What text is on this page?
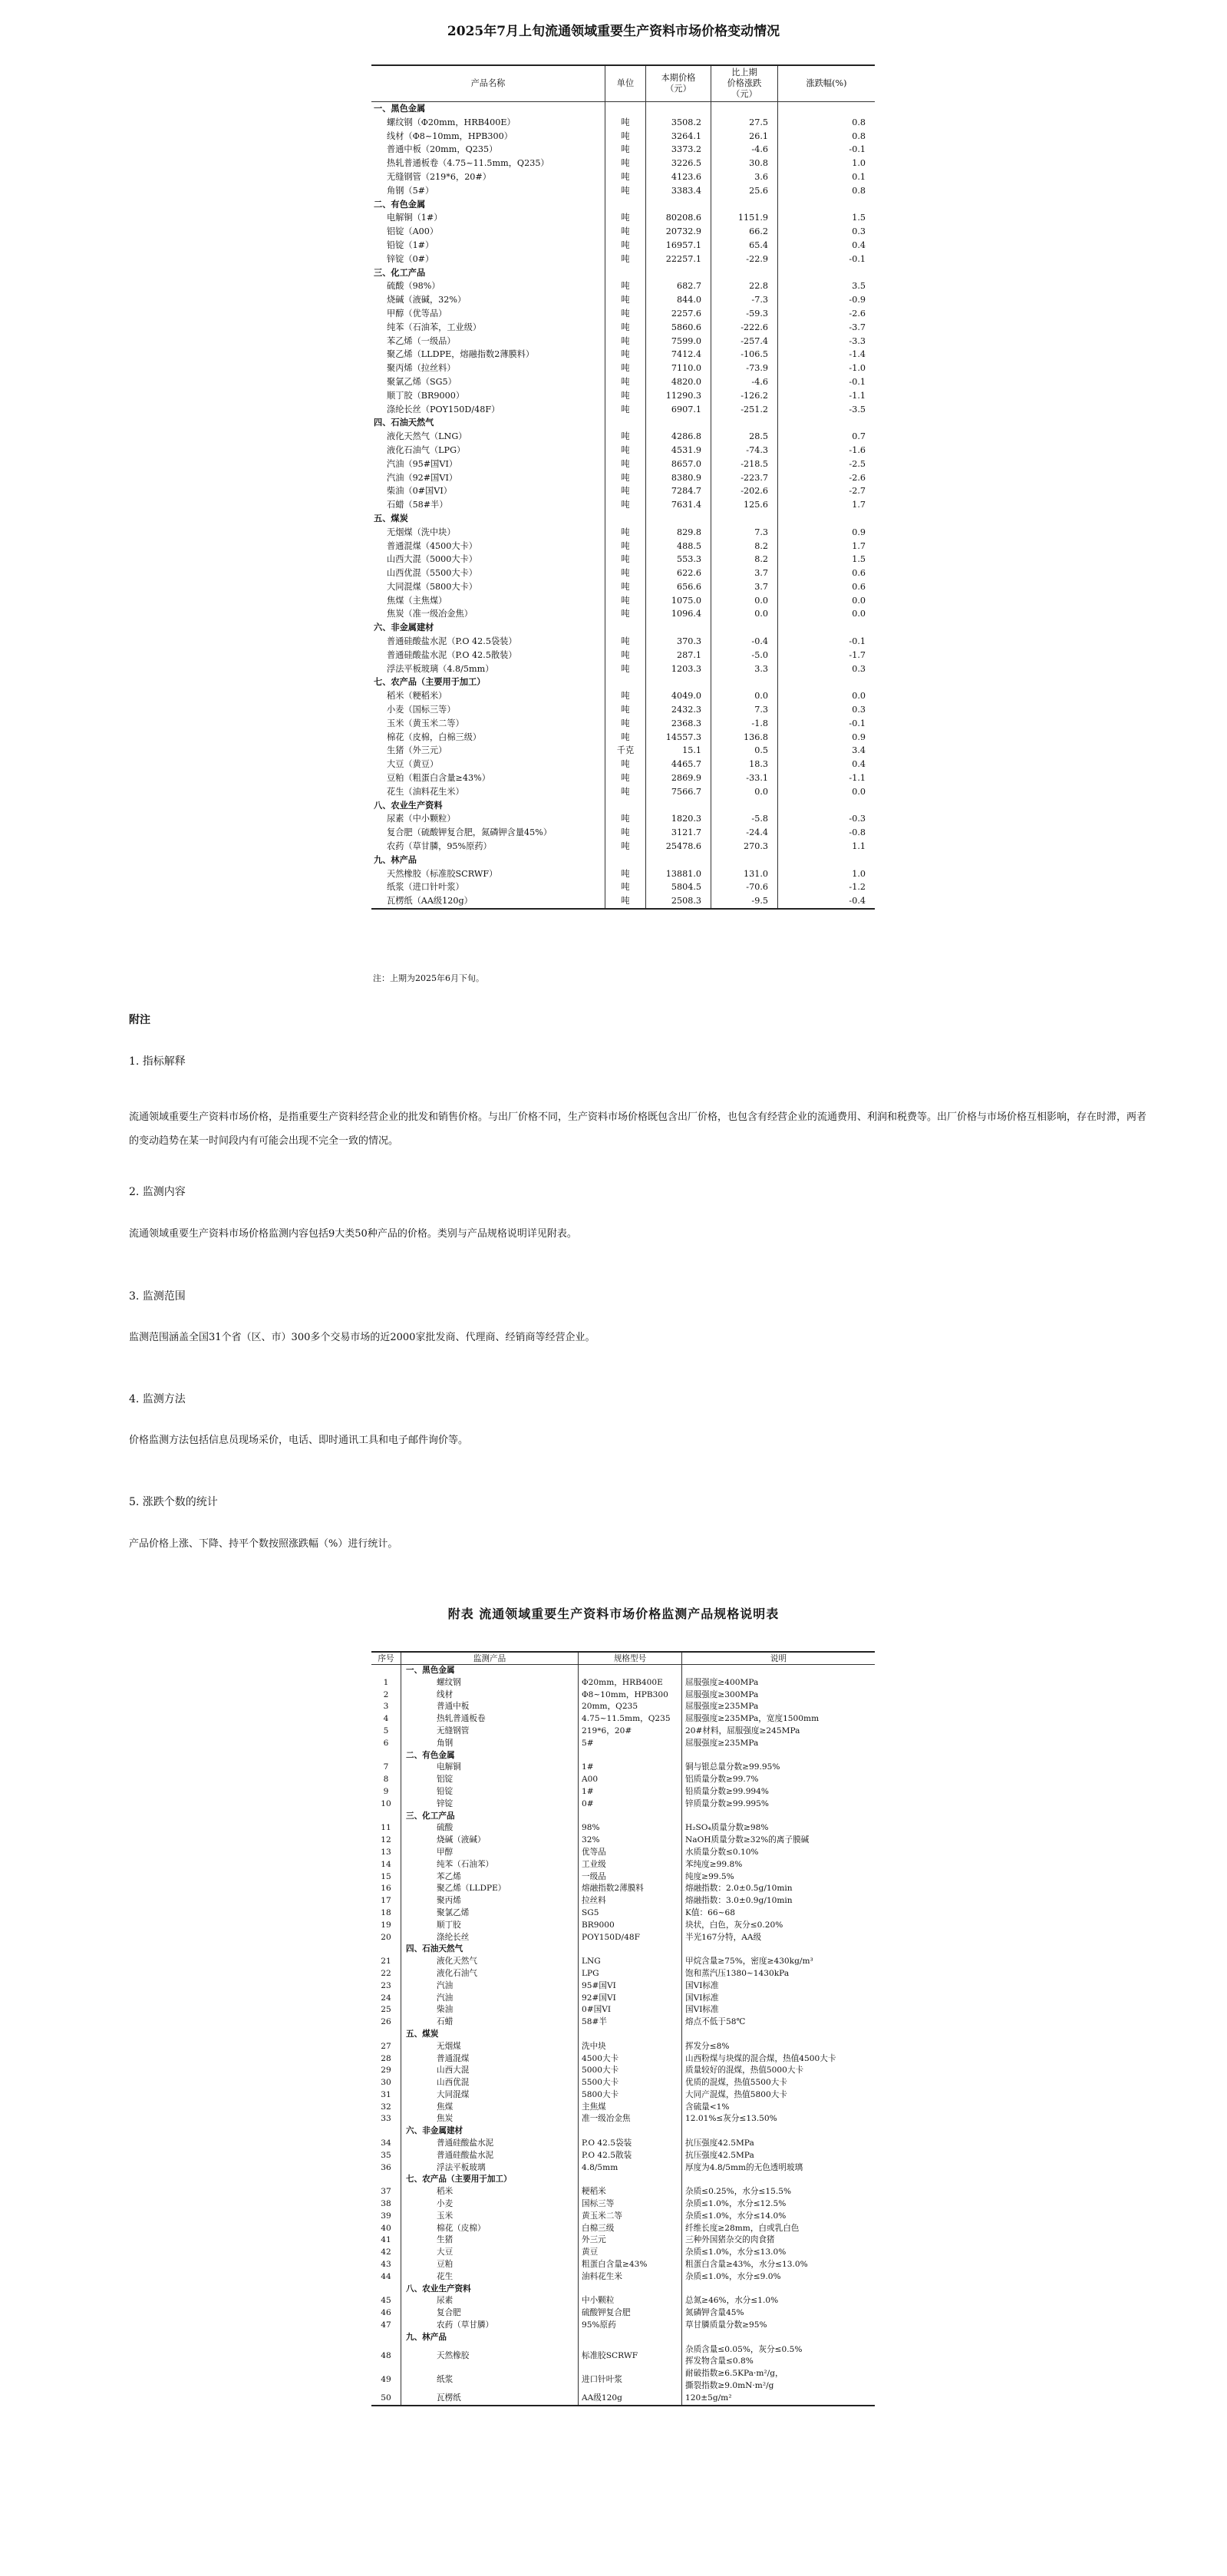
2025年7月上旬流通领域重要生产资料市场价格变动情况
产品名称	单位	本期价格
（元）	比上期
价格涨跌
（元）	涨跌幅(%)
一、黑色金属				
螺纹钢（Φ20mm，HRB400E）	吨	3508.2	27.5	0.8
线材（Φ8~10mm，HPB300）	吨	3264.1	26.1	0.8
普通中板（20mm，Q235）	吨	3373.2	-4.6	-0.1
热轧普通板卷（4.75~11.5mm，Q235）	吨	3226.5	30.8	1.0
无缝钢管（219*6，20#）	吨	4123.6	3.6	0.1
角钢（5#）	吨	3383.4	25.6	0.8
二、有色金属				
电解铜（1#）	吨	80208.6	1151.9	1.5
铝锭（A00）	吨	20732.9	66.2	0.3
铅锭（1#）	吨	16957.1	65.4	0.4
锌锭（0#）	吨	22257.1	-22.9	-0.1
三、化工产品				
硫酸（98%）	吨	682.7	22.8	3.5
烧碱（液碱，32%）	吨	844.0	-7.3	-0.9
甲醇（优等品）	吨	2257.6	-59.3	-2.6
纯苯（石油苯，工业级）	吨	5860.6	-222.6	-3.7
苯乙烯（一级品）	吨	7599.0	-257.4	-3.3
聚乙烯（LLDPE，熔融指数2薄膜料）	吨	7412.4	-106.5	-1.4
聚丙烯（拉丝料）	吨	7110.0	-73.9	-1.0
聚氯乙烯（SG5）	吨	4820.0	-4.6	-0.1
顺丁胶（BR9000）	吨	11290.3	-126.2	-1.1
涤纶长丝（POY150D/48F）	吨	6907.1	-251.2	-3.5
四、石油天然气				
液化天然气（LNG）	吨	4286.8	28.5	0.7
液化石油气（LPG）	吨	4531.9	-74.3	-1.6
汽油（95#国VI）	吨	8657.0	-218.5	-2.5
汽油（92#国VI）	吨	8380.9	-223.7	-2.6
柴油（0#国VI）	吨	7284.7	-202.6	-2.7
石蜡（58#半）	吨	7631.4	125.6	1.7
五、煤炭				
无烟煤（洗中块）	吨	829.8	7.3	0.9
普通混煤（4500大卡）	吨	488.5	8.2	1.7
山西大混（5000大卡）	吨	553.3	8.2	1.5
山西优混（5500大卡）	吨	622.6	3.7	0.6
大同混煤（5800大卡）	吨	656.6	3.7	0.6
焦煤（主焦煤）	吨	1075.0	0.0	0.0
焦炭（准一级冶金焦）	吨	1096.4	0.0	0.0
六、非金属建材				
普通硅酸盐水泥（P.O 42.5袋装）	吨	370.3	-0.4	-0.1
普通硅酸盐水泥（P.O 42.5散装）	吨	287.1	-5.0	-1.7
浮法平板玻璃（4.8/5mm）	吨	1203.3	3.3	0.3
七、农产品（主要用于加工）				
稻米（粳稻米）	吨	4049.0	0.0	0.0
小麦（国标三等）	吨	2432.3	7.3	0.3
玉米（黄玉米二等）	吨	2368.3	-1.8	-0.1
棉花（皮棉，白棉三级）	吨	14557.3	136.8	0.9
生猪（外三元）	千克	15.1	0.5	3.4
大豆（黄豆）	吨	4465.7	18.3	0.4
豆粕（粗蛋白含量≥43%）	吨	2869.9	-33.1	-1.1
花生（油料花生米）	吨	7566.7	0.0	0.0
八、农业生产资料				
尿素（中小颗粒）	吨	1820.3	-5.8	-0.3
复合肥（硫酸钾复合肥，氮磷钾含量45%）	吨	3121.7	-24.4	-0.8
农药（草甘膦，95%原药）	吨	25478.6	270.3	1.1
九、林产品				
天然橡胶（标准胶SCRWF）	吨	13881.0	131.0	1.0
纸浆（进口针叶浆）	吨	5804.5	-70.6	-1.2
瓦楞纸（AA级120g）	吨	2508.3	-9.5	-0.4
注：上期为2025年6月下旬。
附注
1. 指标解释

流通领域重要生产资料市场价格，是指重要生产资料经营企业的批发和销售价格。与出厂价格不同，生产资料市场价格既包含出厂价格，也包含有经营企业的流通费用、利润和税费等。出厂价格与市场价格互相影响，存在时滞，两者的变动趋势在某一时间段内有可能会出现不完全一致的情况。

2. 监测内容

流通领域重要生产资料市场价格监测内容包括9大类50种产品的价格。类别与产品规格说明详见附表。

3. 监测范围

监测范围涵盖全国31个省（区、市）300多个交易市场的近2000家批发商、代理商、经销商等经营企业。

4. 监测方法

价格监测方法包括信息员现场采价，电话、即时通讯工具和电子邮件询价等。

5. 涨跌个数的统计

产品价格上涨、下降、持平个数按照涨跌幅（%）进行统计。

附表 流通领域重要生产资料市场价格监测产品规格说明表
序号	监测产品	规格型号	说明
	一、黑色金属		
1	螺纹钢	Φ20mm，HRB400E	屈服强度≥400MPa
2	线材	Φ8~10mm，HPB300	屈服强度≥300MPa
3	普通中板	20mm，Q235	屈服强度≥235MPa
4	热轧普通板卷	4.75~11.5mm，Q235	屈服强度≥235MPa，宽度1500mm
5	无缝钢管	219*6，20#	20#材料，屈服强度≥245MPa
6	角钢	5#	屈服强度≥235MPa
	二、有色金属		
7	电解铜	1#	铜与银总量分数≥99.95%
8	铝锭	A00	铝质量分数≥99.7%
9	铅锭	1#	铅质量分数≥99.994%
10	锌锭	0#	锌质量分数≥99.995%
	三、化工产品		
11	硫酸	98%	H₂SO₄质量分数≥98%
12	烧碱（液碱）	32%	NaOH质量分数≥32%的离子膜碱
13	甲醇	优等品	水质量分数≤0.10%
14	纯苯（石油苯）	工业级	苯纯度≥99.8%
15	苯乙烯	一级品	纯度≥99.5%
16	聚乙烯（LLDPE）	熔融指数2薄膜料	熔融指数：2.0±0.5g/10min
17	聚丙烯	拉丝料	熔融指数：3.0±0.9g/10min
18	聚氯乙烯	SG5	K值：66~68
19	顺丁胶	BR9000	块状，白色，灰分≤0.20%
20	涤纶长丝	POY150D/48F	半光167分特，AA级
	四、石油天然气		
21	液化天然气	LNG	甲烷含量≥75%，密度≥430kg/m³
22	液化石油气	LPG	饱和蒸汽压1380~1430kPa
23	汽油	95#国VI	国VI标准
24	汽油	92#国VI	国VI标准
25	柴油	0#国VI	国VI标准
26	石蜡	58#半	熔点不低于58℃
	五、煤炭		
27	无烟煤	洗中块	挥发分≤8%
28	普通混煤	4500大卡	山西粉煤与块煤的混合煤，热值4500大卡
29	山西大混	5000大卡	质量较好的混煤，热值5000大卡
30	山西优混	5500大卡	优质的混煤，热值5500大卡
31	大同混煤	5800大卡	大同产混煤，热值5800大卡
32	焦煤	主焦煤	含硫量<1%
33	焦炭	准一级冶金焦	12.01%≤灰分≤13.50%
	六、非金属建材		
34	普通硅酸盐水泥	P.O 42.5袋装	抗压强度42.5MPa
35	普通硅酸盐水泥	P.O 42.5散装	抗压强度42.5MPa
36	浮法平板玻璃	4.8/5mm	厚度为4.8/5mm的无色透明玻璃
	七、农产品（主要用于加工）		
37	稻米	粳稻米	杂质≤0.25%，水分≤15.5%
38	小麦	国标三等	杂质≤1.0%，水分≤12.5%
39	玉米	黄玉米二等	杂质≤1.0%，水分≤14.0%
40	棉花（皮棉）	白棉三级	纤维长度≥28mm，白或乳白色
41	生猪	外三元	三种外国猪杂交的肉食猪
42	大豆	黄豆	杂质≤1.0%，水分≤13.0%
43	豆粕	粗蛋白含量≥43%	粗蛋白含量≥43%，水分≤13.0%
44	花生	油料花生米	杂质≤1.0%，水分≤9.0%
	八、农业生产资料		
45	尿素	中小颗粒	总氮≥46%，水分≤1.0%
46	复合肥	硫酸钾复合肥	氮磷钾含量45%
47	农药（草甘膦）	95%原药	草甘膦质量分数≥95%
	九、林产品		
48	天然橡胶	标准胶SCRWF	杂质含量≤0.05%，灰分≤0.5%
挥发物含量≤0.8%
49	纸浆	进口针叶浆	耐破指数≥6.5KPa·m²/g，
撕裂指数≥9.0mN·m²/g
50	瓦楞纸	AA级120g	120±5g/m²
